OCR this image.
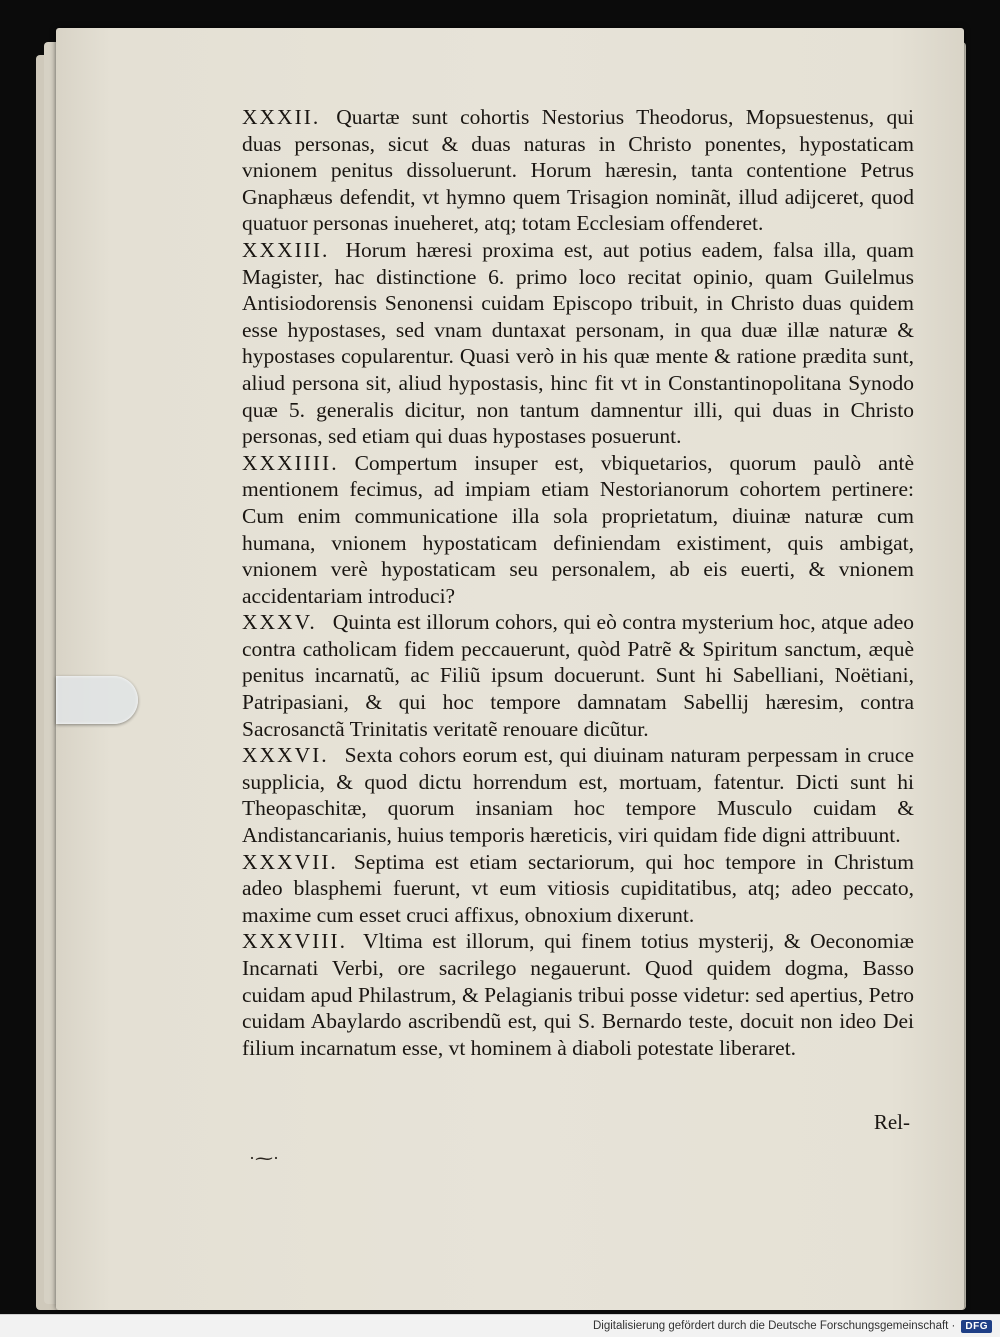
XXXII. Quartæ sunt cohortis Nestorius Theodorus, Mopsuestenus, qui duas personas, sicut & duas naturas in Christo ponentes, hypostaticam vnionem penitus dissoluerunt. Horum hæresin, tanta contentione Petrus Gnaphæus defendit, vt hymno quem Trisagion nominãt, illud adijceret, quod quatuor personas inueheret, atq; totam Ecclesiam offenderet.

XXXIII. Horum hæresi proxima est, aut potius eadem, falsa illa, quam Magister, hac distinctione 6. primo loco recitat opinio, quam Guilelmus Antisiodorensis Senonensi cuidam Episcopo tribuit, in Christo duas quidem esse hypostases, sed vnam duntaxat personam, in qua duæ illæ naturæ & hypostases copularentur. Quasi verò in his quæ mente & ratione prædita sunt, aliud persona sit, aliud hypostasis, hinc fit vt in Constantinopolitana Synodo quæ 5. generalis dicitur, non tantum damnentur illi, qui duas in Christo personas, sed etiam qui duas hypostases posuerunt.

XXXIIII. Compertum insuper est, vbiquetarios, quorum paulò antè mentionem fecimus, ad impiam etiam Nestorianorum cohortem pertinere: Cum enim communicatione illa sola proprietatum, diuinæ naturæ cum humana, vnionem hypostaticam definiendam existiment, quis ambigat, vnionem verè hypostaticam seu personalem, ab eis euerti, & vnionem accidentariam introduci?

XXXV. Quinta est illorum cohors, qui eò contra mysterium hoc, atque adeo contra catholicam fidem peccauerunt, quòd Patrẽ & Spiritum sanctum, æquè penitus incarnatũ, ac Filiũ ipsum docuerunt. Sunt hi Sabelliani, Noëtiani, Patripasiani, & qui hoc tempore damnatam Sabellij hæresim, contra Sacrosanctã Trinitatis veritatẽ renouare dicũtur.

XXXVI. Sexta cohors eorum est, qui diuinam naturam perpessam in cruce supplicia, & quod dictu horrendum est, mortuam, fatentur. Dicti sunt hi Theopaschitæ, quorum insaniam hoc tempore Musculo cuidam & Andistancarianis, huius temporis hæreticis, viri quidam fide digni attribuunt.

XXXVII. Septima est etiam sectariorum, qui hoc tempore in Christum adeo blasphemi fuerunt, vt eum vitiosis cupiditatibus, atq; adeo peccato, maxime cum esset cruci affixus, obnoxium dixerunt.

XXXVIII. Vltima est illorum, qui finem totius mysterij, & Oeconomiæ Incarnati Verbi, ore sacrilego negauerunt. Quod quidem dogma, Basso cuidam apud Philastrum, & Pelagianis tribui posse videtur: sed apertius, Petro cuidam Abaylardo ascribendũ est, qui S. Bernardo teste, docuit non ideo Dei filium incarnatum esse, vt hominem à diaboli potestate liberaret.

Rel-
·⁓·
Digitalisierung gefördert durch die Deutsche Forschungsgemeinschaft ·	DFG
